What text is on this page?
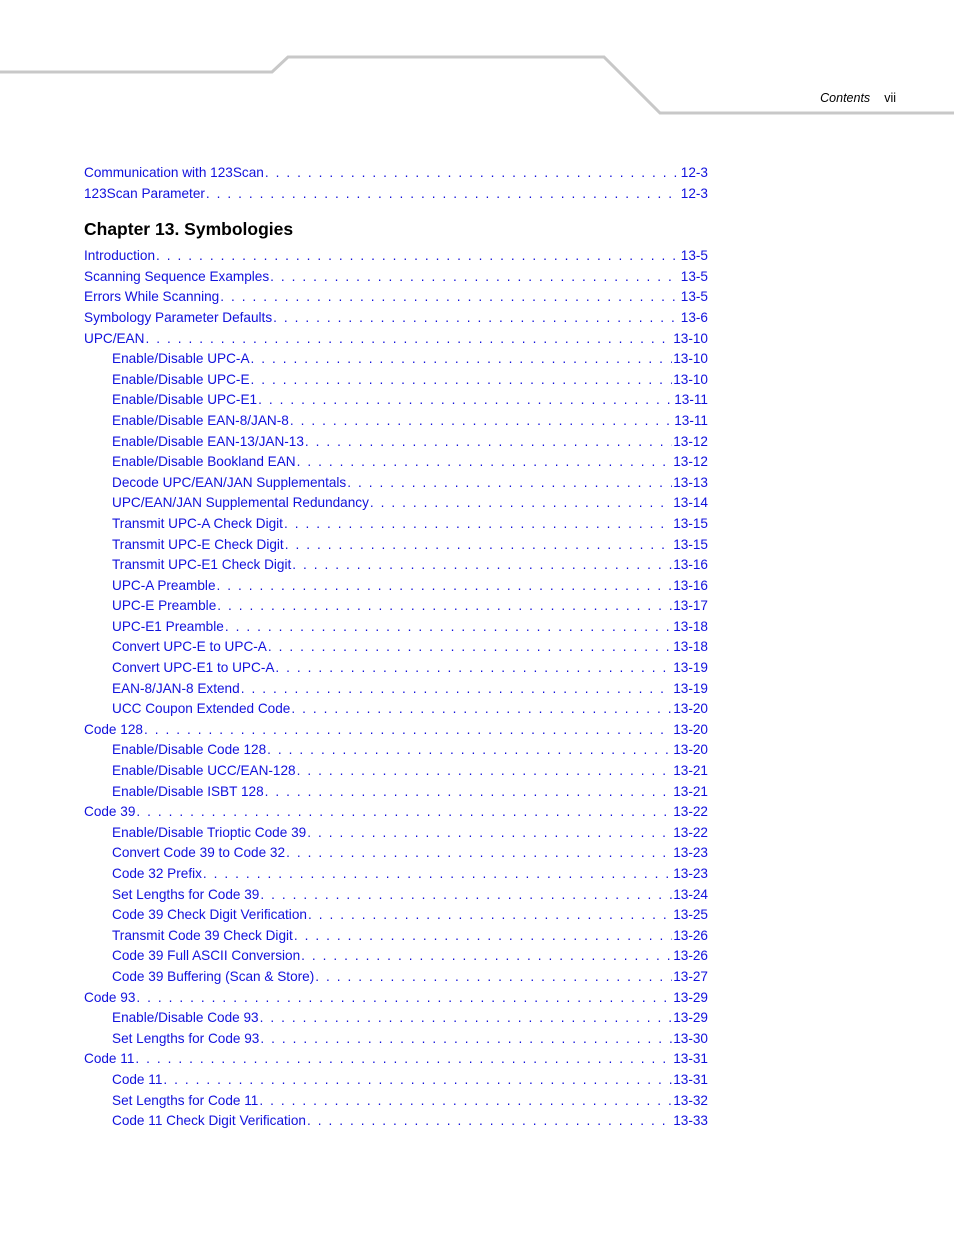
Contents vii
Communication with 123Scan . . .	12-3
123Scan Parameter . . .	12-3
Chapter 13. Symbologies
Introduction . . .	13-5
Scanning Sequence Examples . . .	13-5
Errors While Scanning . . .	13-5
Symbology Parameter Defaults . . .	13-6
UPC/EAN . . .	13-10
Enable/Disable UPC-A . . .	13-10
Enable/Disable UPC-E . . .	13-10
Enable/Disable UPC-E1 . . .	13-11
Enable/Disable EAN-8/JAN-8 . . .	13-11
Enable/Disable EAN-13/JAN-13 . . .	13-12
Enable/Disable Bookland EAN . . .	13-12
Decode UPC/EAN/JAN Supplementals . . .	13-13
UPC/EAN/JAN Supplemental Redundancy . . .	13-14
Transmit UPC-A Check Digit . . .	13-15
Transmit UPC-E Check Digit . . .	13-15
Transmit UPC-E1 Check Digit . . .	13-16
UPC-A Preamble . . .	13-16
UPC-E Preamble . . .	13-17
UPC-E1 Preamble . . .	13-18
Convert UPC-E to UPC-A . . .	13-18
Convert UPC-E1 to UPC-A . . .	13-19
EAN-8/JAN-8 Extend . . .	13-19
UCC Coupon Extended Code . . .	13-20
Code 128 . . .	13-20
Enable/Disable Code 128 . . .	13-20
Enable/Disable UCC/EAN-128 . . .	13-21
Enable/Disable ISBT 128 . . .	13-21
Code 39 . . .	13-22
Enable/Disable Trioptic Code 39 . . .	13-22
Convert Code 39 to Code 32 . . .	13-23
Code 32 Prefix . . .	13-23
Set Lengths for Code 39 . . .	13-24
Code 39 Check Digit Verification . . .	13-25
Transmit Code 39 Check Digit . . .	13-26
Code 39 Full ASCII Conversion . . .	13-26
Code 39 Buffering (Scan & Store) . . .	13-27
Code 93 . . .	13-29
Enable/Disable Code 93 . . .	13-29
Set Lengths for Code 93 . . .	13-30
Code 11 . . .	13-31
Code 11 . . .	13-31
Set Lengths for Code 11 . . .	13-32
Code 11 Check Digit Verification . . .	13-33
